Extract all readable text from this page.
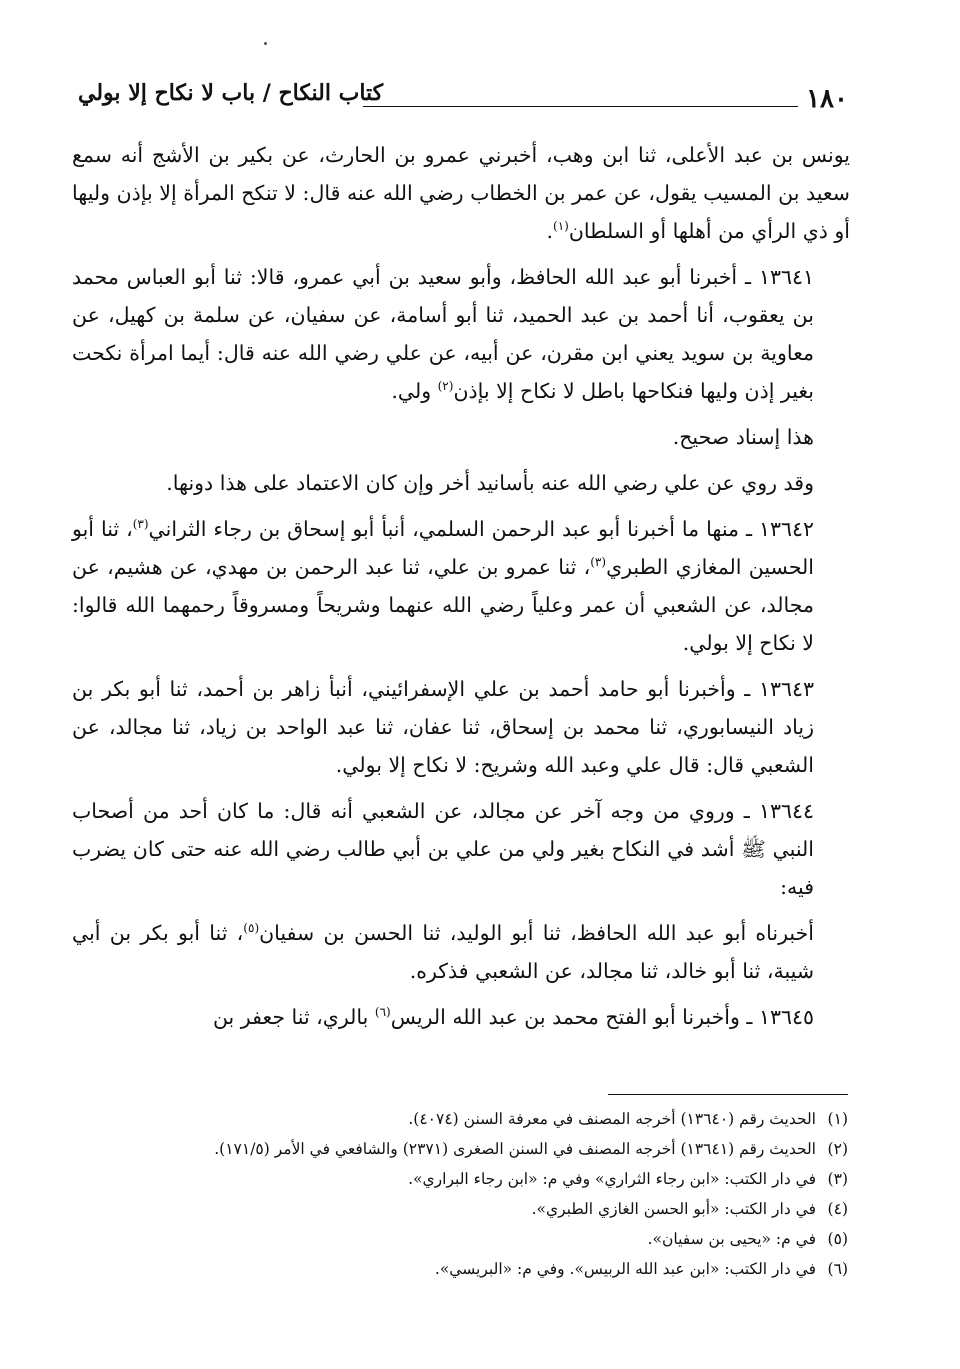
١٨٠
كتاب النكاح / باب لا نكاح إلا بولي

يونس بن عبد الأعلى، ثنا ابن وهب، أخبرني عمرو بن الحارث، عن بكير بن الأشج أنه سمع سعيد بن المسيب يقول، عن عمر بن الخطاب رضي الله عنه قال: لا تنكح المرأة إلا بإذن وليها أو ذي الرأي من أهلها أو السلطان$^{(١)}$.

١٣٦٤١ ـ أخبرنا أبو عبد الله الحافظ، وأبو سعيد بن أبي عمرو، قالا: ثنا أبو العباس محمد بن يعقوب، أنا أحمد بن عبد الحميد، ثنا أبو أسامة، عن سفيان، عن سلمة بن كهيل، عن معاوية بن سويد يعني ابن مقرن، عن أبيه، عن علي رضي الله عنه قال: أيما امرأة نكحت بغير إذن وليها فنكاحها باطل لا نكاح إلا بإذن$^{(٢)}$ ولي.

هذا إسناد صحيح.

وقد روي عن علي رضي الله عنه بأسانيد أخر وإن كان الاعتماد على هذا دونها.

١٣٦٤٢ ـ منها ما أخبرنا أبو عبد الرحمن السلمي، أنبأ أبو إسحاق بن رجاء الثراني$^{(٣)}$، ثنا أبو الحسين المغازي الطبري$^{(٣)}$، ثنا عمرو بن علي، ثنا عبد الرحمن بن مهدي، عن هشيم، عن مجالد، عن الشعبي أن عمر وعلياً رضي الله عنهما وشريحاً ومسروقاً رحمهما الله قالوا: لا نكاح إلا بولي.

١٣٦٤٣ ـ وأخبرنا أبو حامد أحمد بن علي الإسفرائيني، أنبأ زاهر بن أحمد، ثنا أبو بكر بن زياد النيسابوري، ثنا محمد بن إسحاق، ثنا عفان، ثنا عبد الواحد بن زياد، ثنا مجالد، عن الشعبي قال: قال علي وعبد الله وشريح: لا نكاح إلا بولي.

١٣٦٤٤ ـ وروي من وجه آخر عن مجالد، عن الشعبي أنه قال: ما كان أحد من أصحاب النبي ﷺ أشد في النكاح بغير ولي من علي بن أبي طالب رضي الله عنه حتى كان يضرب فيه:

أخبرناه أبو عبد الله الحافظ، ثنا أبو الوليد، ثنا الحسن بن سفيان$^{(٥)}$، ثنا أبو بكر بن أبي شيبة، ثنا أبو خالد، ثنا مجالد، عن الشعبي فذكره.

١٣٦٤٥ ـ وأخبرنا أبو الفتح محمد بن عبد الله الريس$^{(٦)}$ بالري، ثنا جعفر بن

(١)الحديث رقم (١٣٦٤٠) أخرجه المصنف في معرفة السنن (٤٠٧٤).
(٢)الحديث رقم (١٣٦٤١) أخرجه المصنف في السنن الصغرى (٢٣٧١) والشافعي في الأمر (١٧١/٥).
(٣)في دار الكتب: «ابن رجاء الثراري» وفي م: «ابن رجاء البراري».
(٤)في دار الكتب: «أبو الحسن الغازي الطبري».
(٥)في م: «يحيى بن سفيان».
(٦)في دار الكتب: «ابن عبد الله الربيس». وفي م: «البريسي».
